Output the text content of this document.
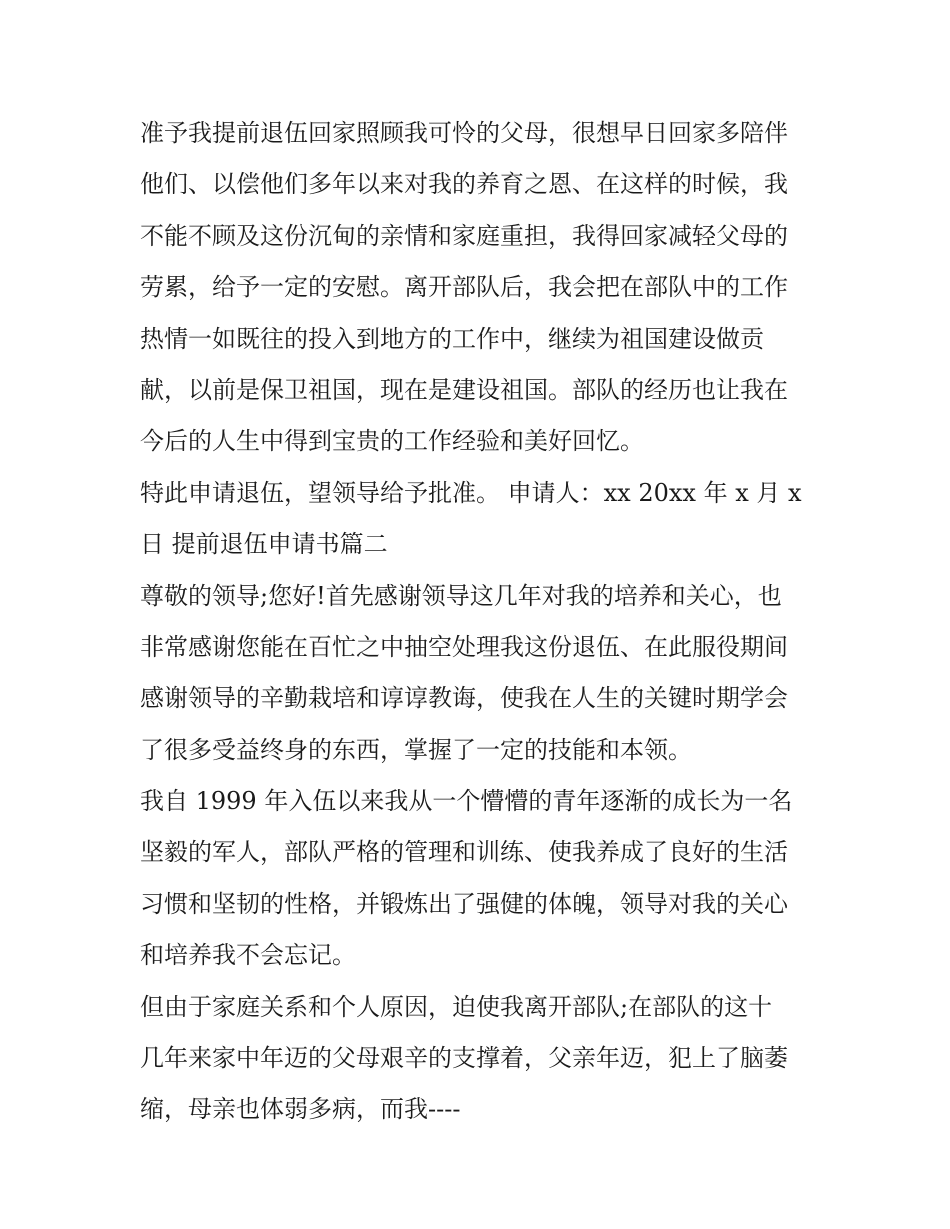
准予我提前退伍回家照顾我可怜的父母，很想早日回家多陪伴
他们、以偿他们多年以来对我的养育之恩、在这样的时候，我
不能不顾及这份沉甸的亲情和家庭重担，我得回家减轻父母的
劳累，给予一定的安慰。离开部队后，我会把在部队中的工作
热情一如既往的投入到地方的工作中，继续为祖国建设做贡
献，以前是保卫祖国，现在是建设祖国。部队的经历也让我在
今后的人生中得到宝贵的工作经验和美好回忆。
特此申请退伍，望领导给予批准。 申请人：xx 20xx 年 x 月 x
日 提前退伍申请书篇二
尊敬的领导;您好!首先感谢领导这几年对我的培养和关心，也
非常感谢您能在百忙之中抽空处理我这份退伍、在此服役期间
感谢领导的辛勤栽培和谆谆教诲，使我在人生的关键时期学会
了很多受益终身的东西，掌握了一定的技能和本领。
我自 1999 年入伍以来我从一个懵懵的青年逐渐的成长为一名
坚毅的军人，部队严格的管理和训练、使我养成了良好的生活
习惯和坚韧的性格，并锻炼出了强健的体魄，领导对我的关心
和培养我不会忘记。
但由于家庭关系和个人原因，迫使我离开部队;在部队的这十
几年来家中年迈的父母艰辛的支撑着，父亲年迈，犯上了脑萎
缩，母亲也体弱多病，而我----
